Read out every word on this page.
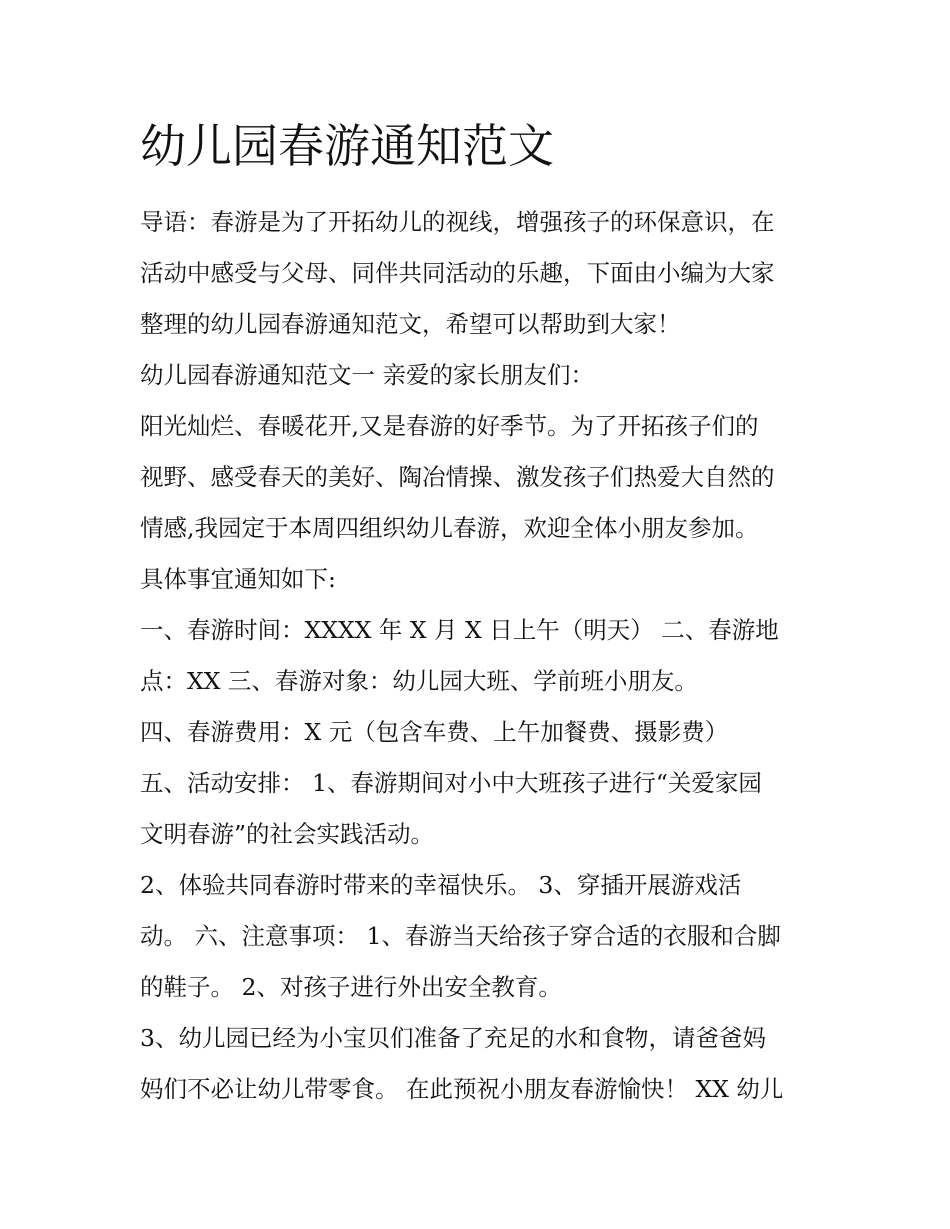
幼儿园春游通知范文

导语：春游是为了开拓幼儿的视线，增强孩子的环保意识，在

活动中感受与父母、同伴共同活动的乐趣，下面由小编为大家

整理的幼儿园春游通知范文，希望可以帮助到大家！

幼儿园春游通知范文一 亲爱的家长朋友们：

阳光灿烂、春暖花开,又是春游的好季节。为了开拓孩子们的

视野、感受春天的美好、陶冶情操、激发孩子们热爱大自然的

情感,我园定于本周四组织幼儿春游，欢迎全体小朋友参加。

具体事宜通知如下:

一、春游时间：XXXX 年 X 月 X 日上午（明天） 二、春游地

点：XX 三、春游对象：幼儿园大班、学前班小朋友。

四、春游费用：X 元（包含车费、上午加餐费、摄影费）

五、活动安排： 1、春游期间对小中大班孩子进行“关爱家园

文明春游”的社会实践活动。

2、体验共同春游时带来的幸福快乐。 3、穿插开展游戏活

动。 六、注意事项： 1、春游当天给孩子穿合适的衣服和合脚

的鞋子。 2、对孩子进行外出安全教育。

3、幼儿园已经为小宝贝们准备了充足的水和食物，请爸爸妈

妈们不必让幼儿带零食。 在此预祝小朋友春游愉快！ XX 幼儿
